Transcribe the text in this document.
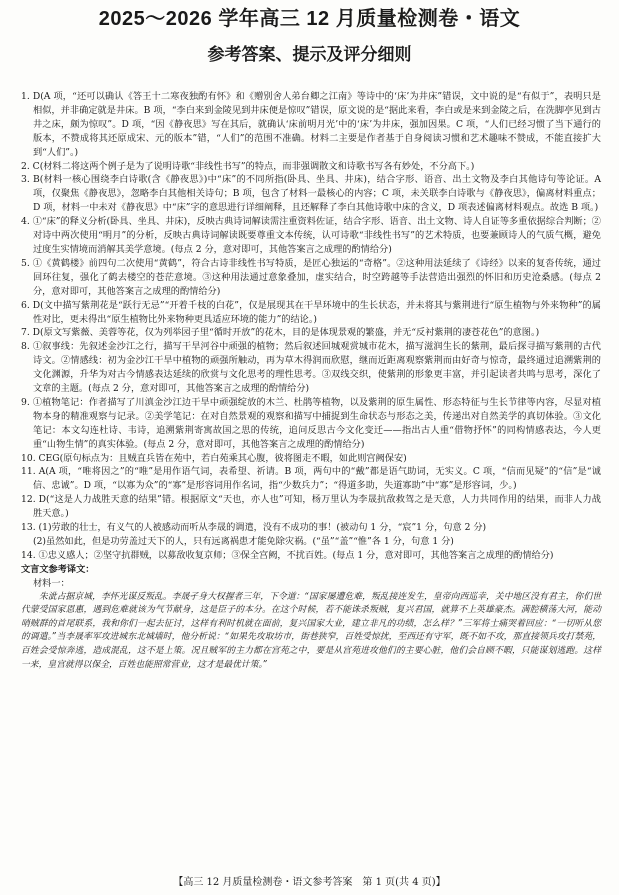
2025～2026 学年高三 12 月质量检测卷・语文
参考答案、提示及评分细则

1. D(A 项，“还可以确认《答王十二寒夜独酌有怀》和《赠别舍人弟台卿之江南》等诗中的‘床’为井床”错误，文中说的是“有似于”，表明只是相似，并非确定就是井床。B 项，“李白来到金陵见到井床便是惊叹”错误，原文说的是“据此来看，李白或是来到金陵之后，在洗脚亭见到古井之床，颇为惊叹”。D 项，“因《静夜思》写在其后，就确认‘床前明月光’中的‘床’为井床，强加因果。C 项，“人们已经习惯了当下通行的版本，不赞成将其还原成宋、元的版本”错，“人们”的范围不准确。材料二主要是作者基于自身阅读习惯和艺术趣味不赞成，不能直接扩大到“人们”。)

2. C(材料二将这两个例子是为了说明诗歌“非线性书写”的特点，而非强调散文和诗歌书写各有妙处，不分高下。)

3. B(材料一核心围绕李白诗歌(含《静夜思》)中“床”的不同所指(卧具、坐具、井床)，结合字形、语音、出土文物及李白其他诗句等论证。A 项，仅聚焦《静夜思》，忽略李白其他相关诗句；B 项，包含了材料一最核心的内容；C 项，未关联李白诗歌与《静夜思》，偏离材料重点；D 项，材料一中未对《静夜思》中“床”字的意思进行详细阐释，且还解释了李白其他诗歌中床的含义，D 项表述偏离材料观点。故选 B 项。)

4. ①“床”的释义分析(卧具、坐具、井床)，反映古典诗词解读需注重资料佐证，结合字形、语音、出土文物、诗人自证等多重依据综合判断；②对诗中两次使用“明月”的分析，反映古典诗词解读既要尊重文本传统，认可诗歌“非线性书写”的艺术特质，也要兼顾诗人的气质气概，避免过度生实情境而消解其美学意境。(每点 2 分，意对即可，其他答案言之成理的酌情给分)

5. ①《黄鹤楼》前四句二次使用“黄鹤”，符合古诗非线性书写特质，是匠心独运的“奇格”。②这种用法延续了《诗经》以来的复沓传统，通过回环往复，强化了鹤去楼空的苍茫意境。③这种用法通过意象叠加，虚实结合，时空跨越等手法营造出强烈的怀旧和历史沧桑感。(每点 2 分，意对即可，其他答案言之成理的酌情给分)

6. D(文中描写紫荆花是“跃行无忌”“开着千枝的白花”，仅是展现其在干旱环境中的生长状态，并未将其与紫荆进行“原生植物与外来物种”的属性对比，更未得出“原生植物比外来物种更具适应环境的能力”的结论。)

7. D(原文写紫薇、美蓉等花，仅为列举园子里“循时开放”的花木，目的是体现景观的繁盛，并无“反衬紫荆的凄苍花色”的意图。)

8. ①叙事线：先叙述金沙江之行，描写干旱河谷中顽强的植物；然后叙述回城观赏城市花木，描写滋润生长的紫荆，最后探寻描写紫荆的古代诗文。②情感线：初为金沙江干旱中植物的顽强所触动，再为草木得润而欣慰，继而近距离观察紫荆而由好奇与惊奇，最终通过追溯紫荆的文化渊源，升华为对古今情感表达延续的欣赏与文化思考的理性思考。③双线交织，使紫荆的形象更丰富，并引起读者共鸣与思考，深化了文章的主题。(每点 2 分，意对即可，其他答案言之成理的酌情给分)

9. ①植物笔记：作者描写了川滇金沙江边干旱中顽强绽放的木兰、杜鹃等植物，以及紫荆的原生属性、形态特征与生长节律等内容，尽显对植物本身的精准观察与记录。②美学笔记：在对自然景观的观察和描写中捕捉到生命状态与形态之美，传递出对自然美学的真切体验。③文化笔记：本文勾连杜诗、韦诗，追溯紫荆寄寓故国之思的传统，追问反思古今文化变迁——指出古人重“借物抒怀”的同构情感表达，今人更重“山物生情”的真实体验。(每点 2 分，意对即可，其他答案言之成理的酌情给分)

10. CEG(原句标点为：且贼直兵皆在苑中，若白苑乘其心腹，彼将图走不暇，如此则宫阙保安)

11. A(A 项，“唯将因之”的“唯”是用作语气词，表希望、祈请。B 项，两句中的“戴”都是语气助词，无实义。C 项，“信而见疑”的“信”是“诚信、忠诚”。D 项，“以寡为众”的“寡”是形容词用作名词，指“少数兵力”；“得道多助，失道寡助”中“寡”是形容词，少。)

12. D(“这是人力战胜天意的结果”错。根据原文“天也，亦人也”可知，杨万里认为李晟抗敌救驾之是天意，人力共同作用的结果，而非人力战胜天意。)

13. (1)劳敢的壮士，有义气的人被感动而听从李晟的调遣，没有不成功的事！(被动句 1 分，“宸”1 分，句意 2 分)

(2)虽然如此，但是功劳盖过天下的人，只有远离祸患才能免除灾祸。(“虽”“盖”“惟”各 1 分，句意 1 分)

14. ①忠义感人；②坚守抗群贼，以募敌收复京师；③保全宫阙，不扰百姓。(每点 1 分，意对即可，其他答案言之成理的酌情给分)

文言文参考译文：

材料一：

朱泚占据京城，李怀光谋反叛乱。李晟孑身大权握者三年，下令道：“国家屡遭危难，叛乱接连发生，皇帝向西巡幸，关中地区没有君主，你们世代蒙受国家恩惠，遇到危难就该为气节献身，这是臣子的本分。在这个时候，若不能诛杀叛贼，复兴君国，就算不上英雄豪杰。满腔横荡大河，能动哨贼群的首尾联系，我和你们一起去征讨，这样有利时机就在面前，复兴国家大业，建立非凡的功绩，怎么样？”三军将士痛哭着回应：“一切听从您的调遣。”当李晟率军攻进城东北城墙时，他分析说：“如果先攻取坊市，街巷狭窄，百姓受惊扰，至西还有守军，既不如不攻，那直接领兵攻打禁苑，百姓会受惊奔逃，造成混乱，这不是上策。况且贼军的主力都在宫苑之中，要是从宫苑进攻他们的主要心脏，他们会自顾不暇，只能谋划逃跑。这样一来，皇宫就得以保全，百姓也能照常营业，这才是最优计策。”

【高三 12 月质量检测卷・语文参考答案　第 1 页(共 4 页)】
